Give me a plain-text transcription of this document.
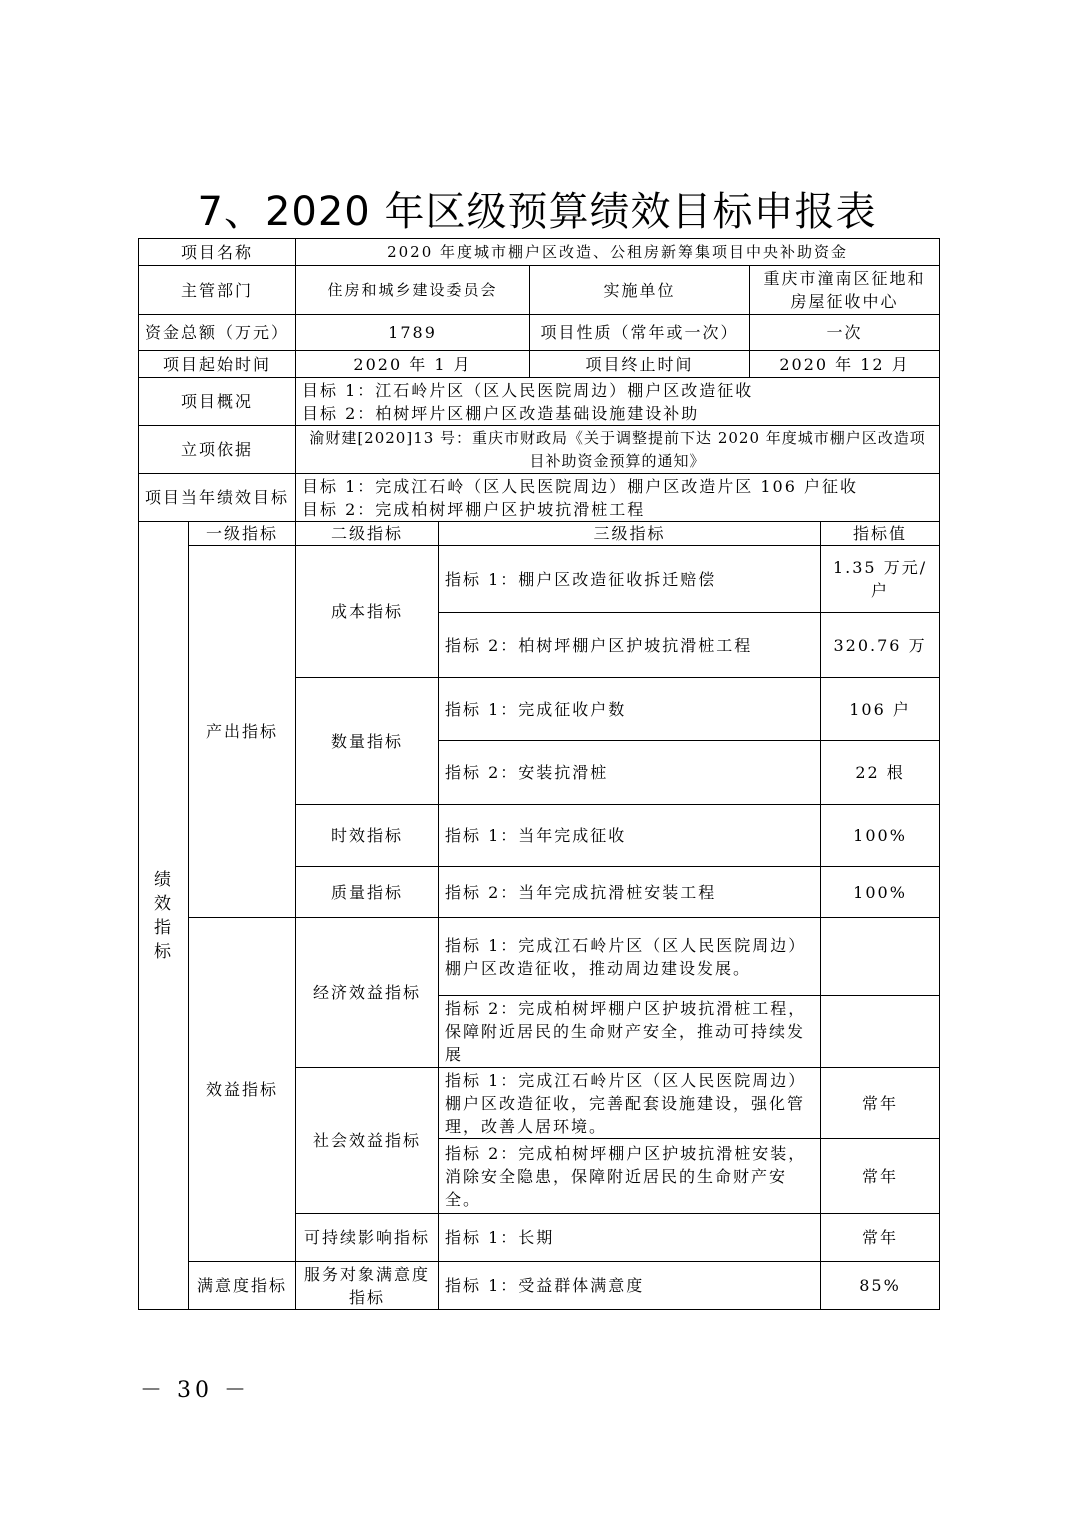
7、2020 年区级预算绩效目标申报表
项目名称		2020 年度城市棚户区改造、公租房新筹集项目中央补助资金				
主管部门		住房和城乡建设委员会		实施单位	重庆市潼南区征地和房屋征收中心	
资金总额（万元）		1789		项目性质（常年或一次）	一次	
项目起始时间		2020 年 1 月		项目终止时间	2020 年 12 月	
项目概况		目标 1：江石岭片区（区人民医院周边）棚户区改造征收
目标 2：柏树坪片区棚户区改造基础设施建设补助				

立项依据		渝财建[2020]13 号：重庆市财政局《关于调整提前下达 2020 年度城市棚户区改造项目补助资金预算的通知》				
项目当年绩效目标		目标 1：完成江石岭（区人民医院周边）棚户区改造片区 106 户征收
目标 2：完成柏树坪棚户区护坡抗滑桩工程				

绩效指标	一级指标	二级指标	三级指标			指标值
	产出指标	成本指标	指标 1：棚户区改造征收拆迁赔偿			1.35 万元/户
			指标 2：柏树坪棚户区护坡抗滑桩工程			320.76 万
		数量指标	指标 1：完成征收户数			106 户
			指标 2：安装抗滑桩			22 根
		时效指标	指标 1：当年完成征收			100%
		质量指标	指标 2：当年完成抗滑桩安装工程			100%
	效益指标	经济效益指标	指标 1：完成江石岭片区（区人民医院周边）棚户区改造征收，推动周边建设发展。			
			指标 2：完成柏树坪棚户区护坡抗滑桩工程，保障附近居民的生命财产安全，推动可持续发展			
		社会效益指标	指标 1：完成江石岭片区（区人民医院周边）棚户区改造征收，完善配套设施建设，强化管理，改善人居环境。			常年
			指标 2：完成柏树坪棚户区护坡抗滑桩安装，消除安全隐患，保障附近居民的生命财产安全。			常年
		可持续影响指标	指标 1：长期			常年
	满意度指标	服务对象满意度指标	指标 1：受益群体满意度			85%
－ 30 －
